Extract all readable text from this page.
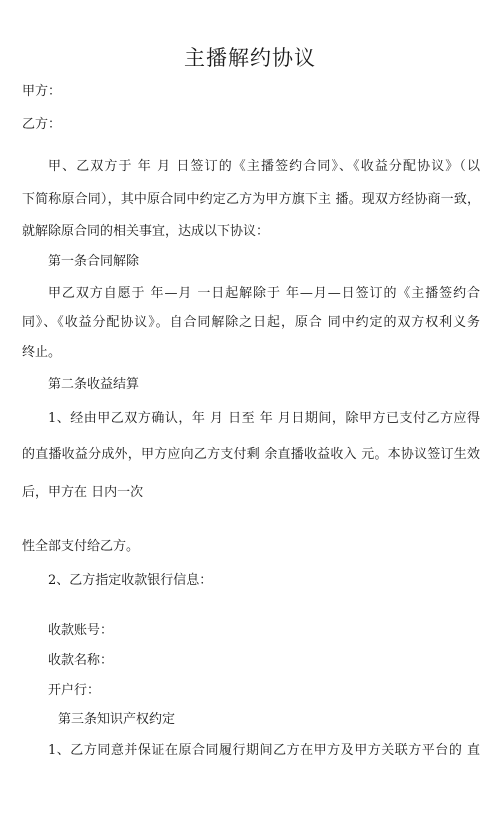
主播解约协议
甲方：
乙方：
甲、乙双方于 年 月 日签订的《主播签约合同》、《收益分配协议》（以
下简称原合同），其中原合同中约定乙方为甲方旗下主 播。现双方经协商一致，
就解除原合同的相关事宜，达成以下协议：
第一条合同解除
甲乙双方自愿于 年—月 一日起解除于 年—月—日签订的《主播签约合
同》、《收益分配协议》。自合同解除之日起，原合 同中约定的双方权利义务
终止。
第二条收益结算
1、经由甲乙双方确认，年 月 日至 年 月日期间，除甲方已支付乙方应得
的直播收益分成外，甲方应向乙方支付剩 余直播收益收入 元。本协议签订生效
后，甲方在 日内一次
性全部支付给乙方。
2、乙方指定收款银行信息：
收款账号：
收款名称：
开户行：
第三条知识产权约定
1、乙方同意并保证在原合同履行期间乙方在甲方及甲方关联方平台的 直
